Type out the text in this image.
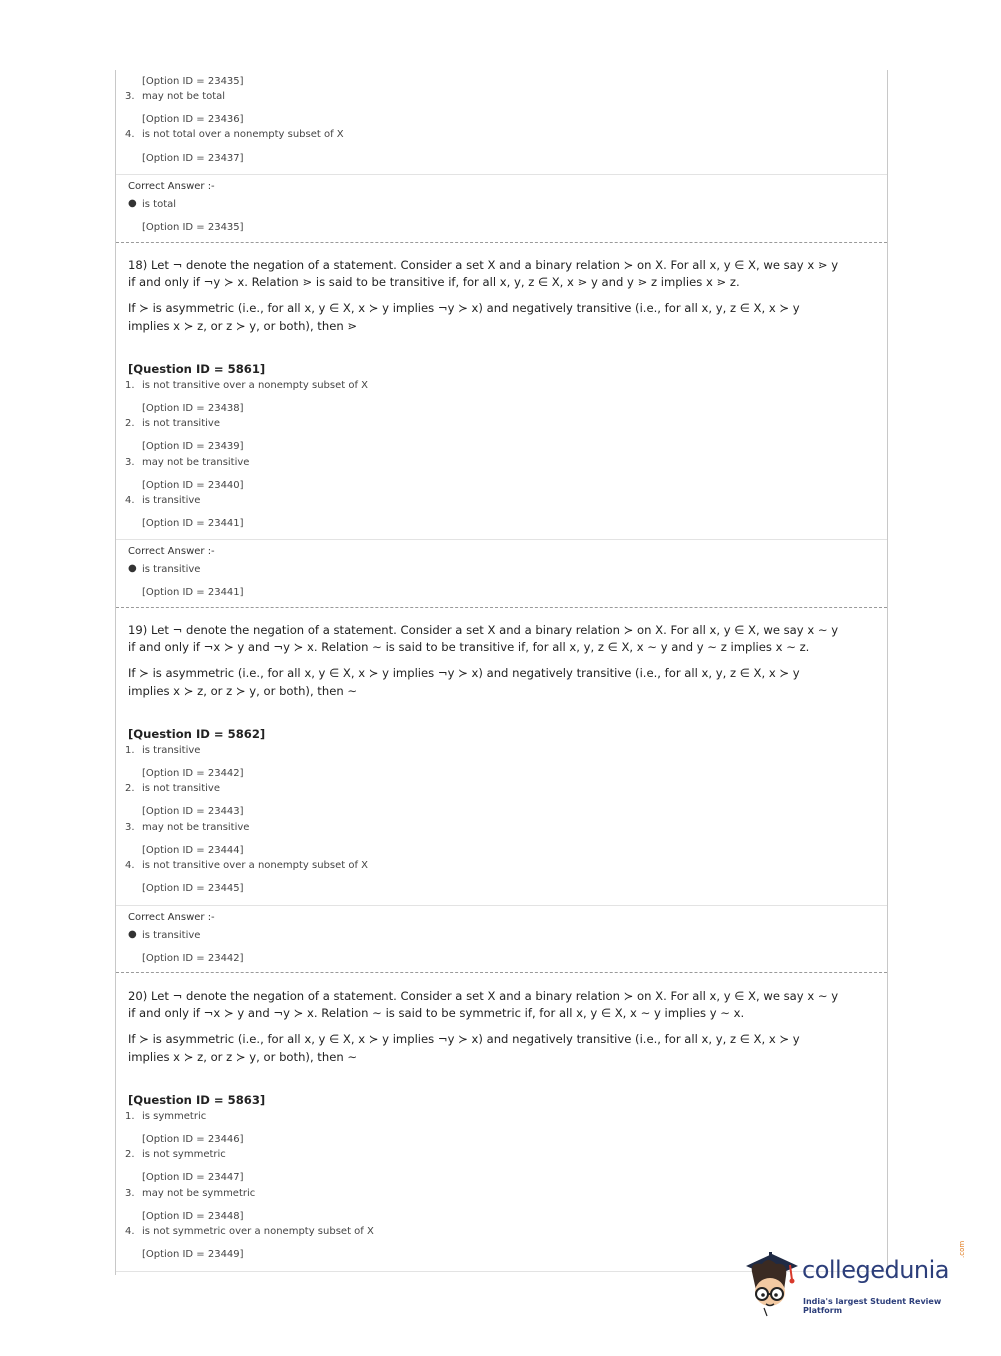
[Option ID = 23435]
3. may not be total
[Option ID = 23436]
4. is not total over a nonempty subset of X
[Option ID = 23437]
Correct Answer :-
● is total
[Option ID = 23435]
18) Let ¬ denote the negation of a statement. Consider a set X and a binary relation ≻ on X. For all x, y ∈ X, we say x ⋗ y
if and only if ¬y ≻ x. Relation ⋗ is said to be transitive if, for all x, y, z ∈ X, x ⋗ y and y ⋗ z implies x ⋗ z.
If ≻ is asymmetric (i.e., for all x, y ∈ X, x ≻ y implies ¬y ≻ x) and negatively transitive (i.e., for all x, y, z ∈ X, x ≻ y
implies x ≻ z, or z ≻ y, or both), then ⋗
[Question ID = 5861]
1. is not transitive over a nonempty subset of X
[Option ID = 23438]
2. is not transitive
[Option ID = 23439]
3. may not be transitive
[Option ID = 23440]
4. is transitive
[Option ID = 23441]
Correct Answer :-
● is transitive
[Option ID = 23441]
19) Let ¬ denote the negation of a statement. Consider a set X and a binary relation ≻ on X. For all x, y ∈ X, we say x ∼ y
if and only if ¬x ≻ y and ¬y ≻ x. Relation ∼ is said to be transitive if, for all x, y, z ∈ X, x ∼ y and y ∼ z implies x ∼ z.
If ≻ is asymmetric (i.e., for all x, y ∈ X, x ≻ y implies ¬y ≻ x) and negatively transitive (i.e., for all x, y, z ∈ X, x ≻ y
implies x ≻ z, or z ≻ y, or both), then ∼
[Question ID = 5862]
1. is transitive
[Option ID = 23442]
2. is not transitive
[Option ID = 23443]
3. may not be transitive
[Option ID = 23444]
4. is not transitive over a nonempty subset of X
[Option ID = 23445]
Correct Answer :-
● is transitive
[Option ID = 23442]
20) Let ¬ denote the negation of a statement. Consider a set X and a binary relation ≻ on X. For all x, y ∈ X, we say x ∼ y
if and only if ¬x ≻ y and ¬y ≻ x. Relation ∼ is said to be symmetric if, for all x, y ∈ X, x ∼ y implies y ∼ x.
If ≻ is asymmetric (i.e., for all x, y ∈ X, x ≻ y implies ¬y ≻ x) and negatively transitive (i.e., for all x, y, z ∈ X, x ≻ y
implies x ≻ z, or z ≻ y, or both), then ∼
[Question ID = 5863]
1. is symmetric
[Option ID = 23446]
2. is not symmetric
[Option ID = 23447]
3. may not be symmetric
[Option ID = 23448]
4. is not symmetric over a nonempty subset of X
[Option ID = 23449]
collegedunia
.com
India's largest Student Review Platform
